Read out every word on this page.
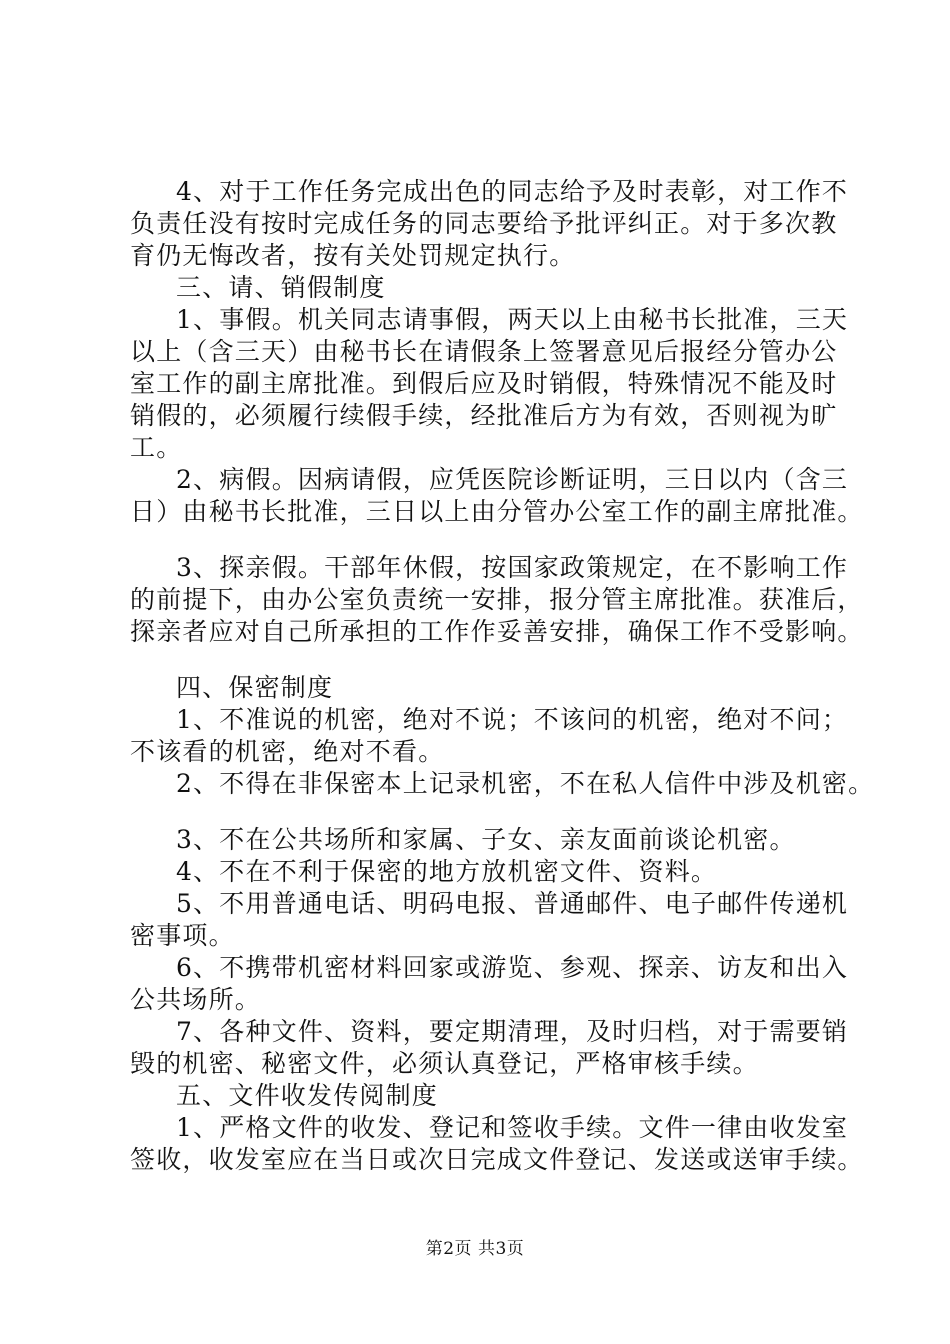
4、对于工作任务完成出色的同志给予及时表彰，对工作不
负责任没有按时完成任务的同志要给予批评纠正。对于多次教
育仍无悔改者，按有关处罚规定执行。
三、请、销假制度
1、事假。机关同志请事假，两天以上由秘书长批准，三天
以上（含三天）由秘书长在请假条上签署意见后报经分管办公
室工作的副主席批准。到假后应及时销假，特殊情况不能及时
销假的，必须履行续假手续，经批准后方为有效，否则视为旷
工。
2、病假。因病请假，应凭医院诊断证明，三日以内（含三
日）由秘书长批准，三日以上由分管办公室工作的副主席批准。
3、探亲假。干部年休假，按国家政策规定，在不影响工作
的前提下，由办公室负责统一安排，报分管主席批准。获准后，
探亲者应对自己所承担的工作作妥善安排，确保工作不受影响。
四、保密制度
1、不准说的机密，绝对不说；不该问的机密，绝对不问；
不该看的机密，绝对不看。
2、不得在非保密本上记录机密，不在私人信件中涉及机密。
3、不在公共场所和家属、子女、亲友面前谈论机密。
4、不在不利于保密的地方放机密文件、资料。
5、不用普通电话、明码电报、普通邮件、电子邮件传递机
密事项。
6、不携带机密材料回家或游览、参观、探亲、访友和出入
公共场所。
7、各种文件、资料，要定期清理，及时归档，对于需要销
毁的机密、秘密文件，必须认真登记，严格审核手续。
五、文件收发传阅制度
1、严格文件的收发、登记和签收手续。文件一律由收发室
签收，收发室应在当日或次日完成文件登记、发送或送审手续。
第2页 共3页
